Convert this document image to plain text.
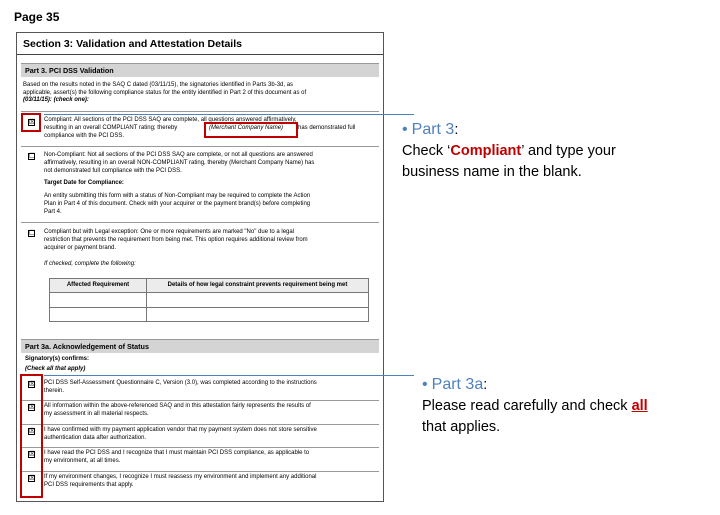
Page 35
Section 3: Validation and Attestation Details
Part 3. PCI DSS Validation
Based on the results noted in the SAQ C dated (03/11/15), the signatories identified in Parts 3b-3d, as
applicable, assert(s) the following compliance status for the entity identified in Part 2 of this document as of
(03/11/15): (check one):
☒ Compliant: All sections of the PCI DSS SAQ are complete, all questions answered affirmatively,
resulting in an overall COMPLIANT rating; thereby	(Merchant Company Name)	has demonstrated full
compliance with the PCI DSS.
☐ Non-Compliant: Not all sections of the PCI DSS SAQ are complete, or not all questions are answered
affirmatively, resulting in an overall NON-COMPLIANT rating, thereby (Merchant Company Name) has
not demonstrated full compliance with the PCI DSS.
Target Date for Compliance:
An entity submitting this form with a status of Non-Compliant may be required to complete the Action
Plan in Part 4 of this document. Check with your acquirer or the payment brand(s) before completing
Part 4.
☐ Compliant but with Legal exception: One or more requirements are marked "No" due to a legal
restriction that prevents the requirement from being met. This option requires additional review from
acquirer or payment brand.
If checked, complete the following:
Affected Requirement	Details of how legal constraint prevents requirement being met
Part 3a. Acknowledgement of Status
Signatory(s) confirms:
(Check all that apply)
☒ PCI DSS Self-Assessment Questionnaire C, Version (3.0), was completed according to the instructions
therein.
☒ All information within the above-referenced SAQ and in this attestation fairly represents the results of
my assessment in all material respects.
☒ I have confirmed with my payment application vendor that my payment system does not store sensitive
authentication data after authorization.
☒ I have read the PCI DSS and I recognize that I must maintain PCI DSS compliance, as applicable to
my environment, at all times.
☒ If my environment changes, I recognize I must reassess my environment and implement any additional
PCI DSS requirements that apply.
• Part 3:
Check ‘Compliant’ and type your
business name in the blank.
• Part 3a:
Please read carefully and check all
that applies.
